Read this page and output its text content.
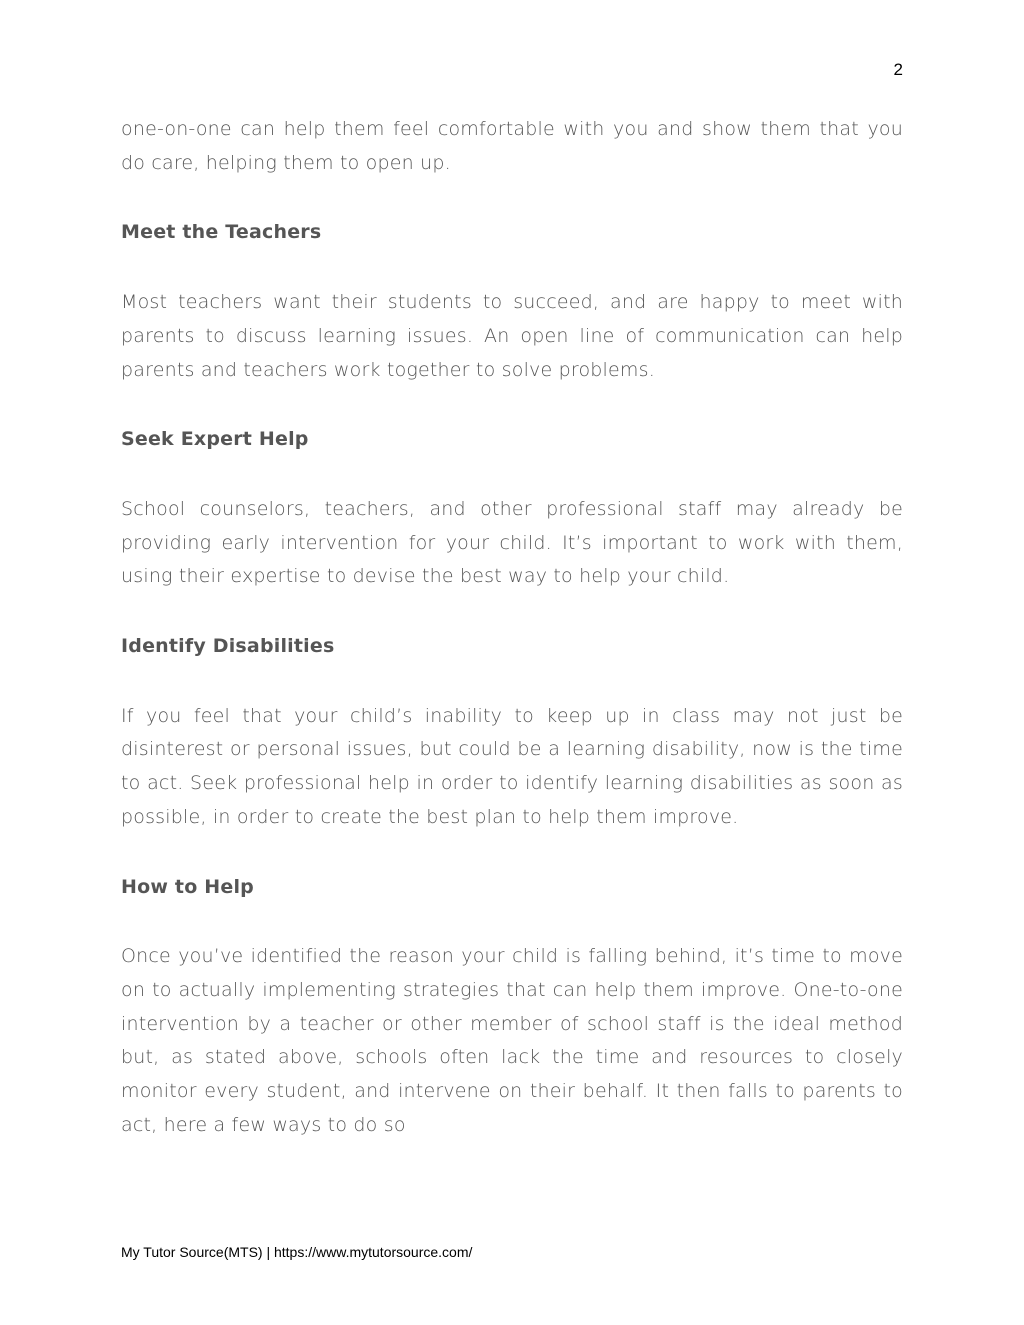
2

one-on-one can help them feel comfortable with you and show them that you do care, helping them to open up.

Meet the Teachers

Most teachers want their students to succeed, and are happy to meet with parents to discuss learning issues. An open line of communication can help parents and teachers work together to solve problems.

Seek Expert Help

School counselors, teachers, and other professional staff may already be providing early intervention for your child. It’s important to work with them, using their expertise to devise the best way to help your child.

Identify Disabilities

If you feel that your child’s inability to keep up in class may not just be disinterest or personal issues, but could be a learning disability, now is the time to act. Seek professional help in order to identify learning disabilities as soon as possible, in order to create the best plan to help them improve.

How to Help

Once you’ve identified the reason your child is falling behind, it’s time to move on to actually implementing strategies that can help them improve. One-to-one intervention by a teacher or other member of school staff is the ideal method but, as stated above, schools often lack the time and resources to closely monitor every student, and intervene on their behalf. It then falls to parents to act, here a few ways to do so

My Tutor Source(MTS) | https://www.mytutorsource.com/
